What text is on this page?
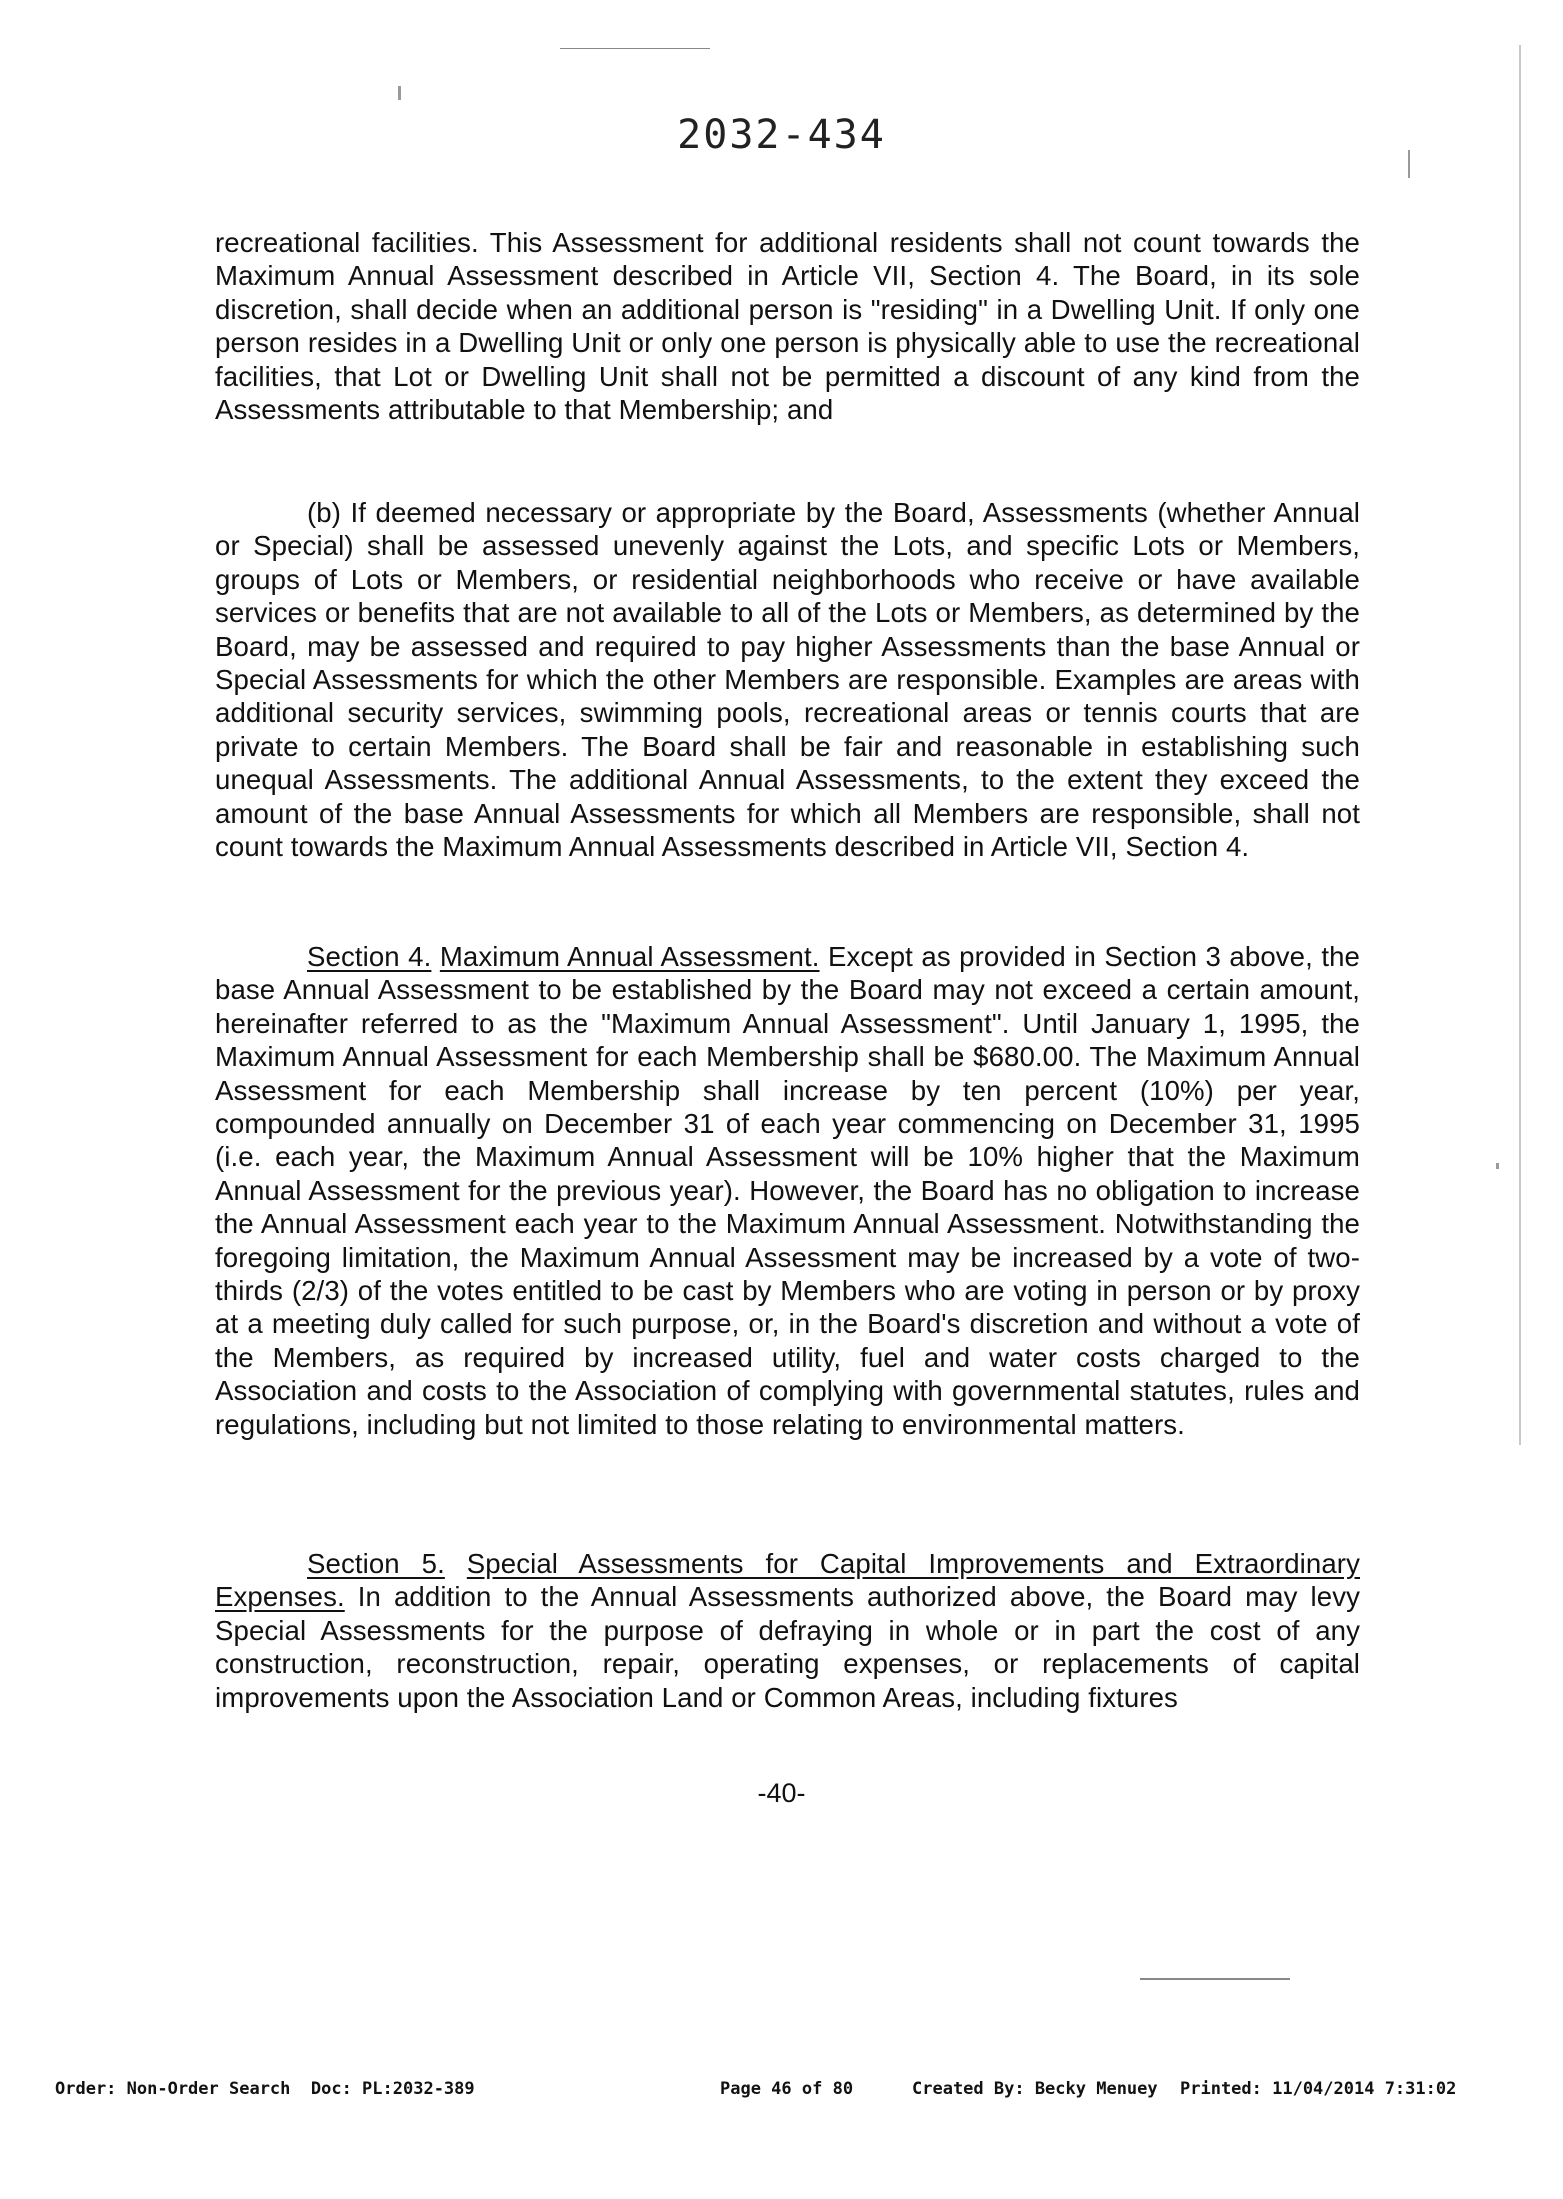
2032-434

recreational facilities. This Assessment for additional residents shall not count towards the Maximum Annual Assessment described in Article VII, Section 4. The Board, in its sole discretion, shall decide when an additional person is "residing" in a Dwelling Unit. If only one person resides in a Dwelling Unit or only one person is physically able to use the recreational facilities, that Lot or Dwelling Unit shall not be permitted a discount of any kind from the Assessments attributable to that Membership; and

(b) If deemed necessary or appropriate by the Board, Assessments (whether Annual or Special) shall be assessed unevenly against the Lots, and specific Lots or Members, groups of Lots or Members, or residential neighborhoods who receive or have available services or benefits that are not available to all of the Lots or Members, as determined by the Board, may be assessed and required to pay higher Assessments than the base Annual or Special Assessments for which the other Members are responsible. Examples are areas with additional security services, swimming pools, recreational areas or tennis courts that are private to certain Members. The Board shall be fair and reasonable in establishing such unequal Assessments. The additional Annual Assessments, to the extent they exceed the amount of the base Annual Assessments for which all Members are responsible, shall not count towards the Maximum Annual Assessments described in Article VII, Section 4.

Section 4. Maximum Annual Assessment. Except as provided in Section 3 above, the base Annual Assessment to be established by the Board may not exceed a certain amount, hereinafter referred to as the "Maximum Annual Assessment". Until January 1, 1995, the Maximum Annual Assessment for each Membership shall be $680.00. The Maximum Annual Assessment for each Membership shall increase by ten percent (10%) per year, compounded annually on December 31 of each year commencing on December 31, 1995 (i.e. each year, the Maximum Annual Assessment will be 10% higher that the Maximum Annual Assessment for the previous year). However, the Board has no obligation to increase the Annual Assessment each year to the Maximum Annual Assessment. Notwithstanding the foregoing limitation, the Maximum Annual Assessment may be increased by a vote of two-thirds (2/3) of the votes entitled to be cast by Members who are voting in person or by proxy at a meeting duly called for such purpose, or, in the Board's discretion and without a vote of the Members, as required by increased utility, fuel and water costs charged to the Association and costs to the Association of complying with governmental statutes, rules and regulations, including but not limited to those relating to environmental matters.

Section 5. Special Assessments for Capital Improvements and Extraordinary Expenses. In addition to the Annual Assessments authorized above, the Board may levy Special Assessments for the purpose of defraying in whole or in part the cost of any construction, reconstruction, repair, operating expenses, or replacements of capital improvements upon the Association Land or Common Areas, including fixtures

-40-

Order: Non-Order Search  Doc: PL:2032-389

	Page 46 of 80

	Created By: Becky Menuey

Printed: 11/04/2014 7:31:02
